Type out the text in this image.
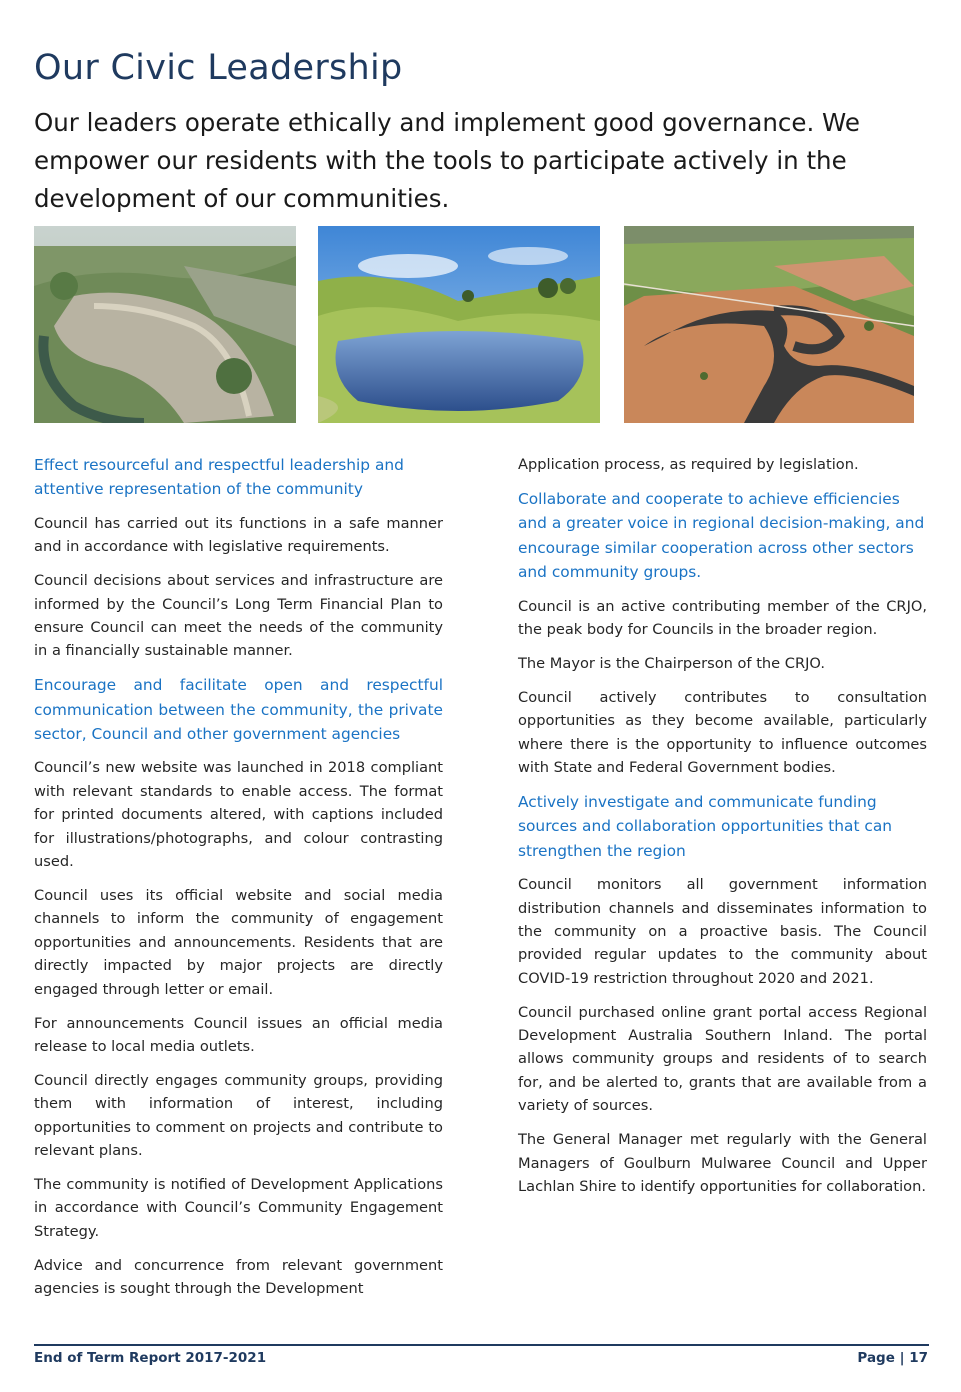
Our Civic Leadership

Our leaders operate ethically and implement good governance. We empower our residents with the tools to participate actively in the development of our communities.

Effect resourceful and respectful leadership and attentive representation of the community

Council has carried out its functions in a safe manner and in accordance with legislative requirements.

Council decisions about services and infrastructure are informed by the Council’s Long Term Financial Plan to ensure Council can meet the needs of the community in a financially sustainable manner.

Encourage and facilitate open and respectful communication between the community, the private sector, Council and other government agencies

Council’s new website was launched in 2018 compliant with relevant standards to enable access. The format for printed documents altered, with captions included for illustrations/photographs, and colour contrasting used.

Council uses its official website and social media channels to inform the community of engagement opportunities and announcements. Residents that are directly impacted by major projects are directly engaged through letter or email.

For announcements Council issues an official media release to local media outlets.

Council directly engages community groups, providing them with information of interest, including opportunities to comment on projects and contribute to relevant plans.

The community is notified of Development Applications in accordance with Council’s Community Engagement Strategy.

Advice and concurrence from relevant government agencies is sought through the Development

Application process, as required by legislation.

Collaborate and cooperate to achieve efficiencies and a greater voice in regional decision-making, and encourage similar cooperation across other sectors and community groups.

Council is an active contributing member of the CRJO, the peak body for Councils in the broader region.

The Mayor is the Chairperson of the CRJO.

Council actively contributes to consultation opportunities as they become available, particularly where there is the opportunity to influence outcomes with State and Federal Government bodies.

Actively investigate and communicate funding sources and collaboration opportunities that can strengthen the region

Council monitors all government information distribution channels and disseminates information to the community on a proactive basis. The Council provided regular updates to the community about COVID-19 restriction throughout 2020 and 2021.

Council purchased online grant portal access Regional Development Australia Southern Inland. The portal allows community groups and residents of to search for, and be alerted to, grants that are available from a variety of sources.

The General Manager met regularly with the General Managers of Goulburn Mulwaree Council and Upper Lachlan Shire to identify opportunities for collaboration.

End of Term Report 2017-2021	Page | 17
